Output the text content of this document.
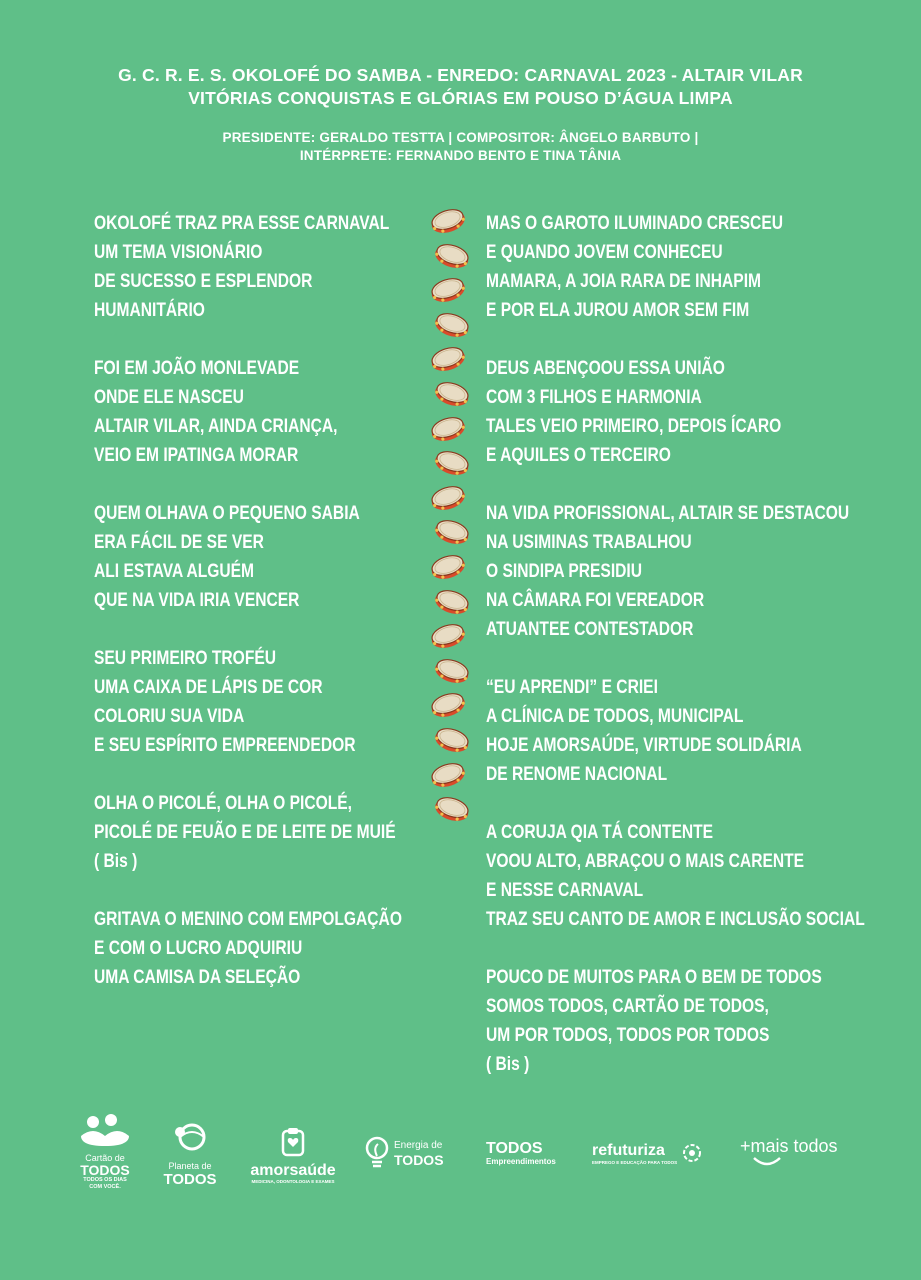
G. C. R. E. S. OKOLOFÉ DO SAMBA - ENREDO: CARNAVAL 2023 - ALTAIR VILAR
VITÓRIAS CONQUISTAS E GLÓRIAS EM POUSO D’ÁGUA LIMPA
PRESIDENTE: GERALDO TESTTA | COMPOSITOR: ÂNGELO BARBUTO |
INTÉRPRETE: FERNANDO BENTO E TINA TÂNIA
OKOLOFÉ TRAZ PRA ESSE CARNAVAL
UM TEMA VISIONÁRIO
DE SUCESSO E ESPLENDOR
HUMANITÁRIO
FOI EM JOÃO MONLEVADE
ONDE ELE NASCEU
ALTAIR VILAR, AINDA CRIANÇA,
VEIO EM IPATINGA MORAR
QUEM OLHAVA O PEQUENO SABIA
ERA FÁCIL DE SE VER
ALI ESTAVA ALGUÉM
QUE NA VIDA IRIA VENCER
SEU PRIMEIRO TROFÉU
UMA CAIXA DE LÁPIS DE COR
COLORIU SUA VIDA
E SEU ESPÍRITO EMPREENDEDOR
OLHA O PICOLÉ, OLHA O PICOLÉ,
PICOLÉ DE FEUÃO E DE LEITE DE MUIÉ
( Bis )
GRITAVA O MENINO COM EMPOLGAÇÃO
E COM O LUCRO ADQUIRIU
UMA CAMISA DA SELEÇÃO
MAS O GAROTO ILUMINADO CRESCEU
E QUANDO JOVEM CONHECEU
MAMARA, A JOIA RARA DE INHAPIM
E POR ELA JUROU AMOR SEM FIM
DEUS ABENÇOOU ESSA UNIÃO
COM 3 FILHOS E HARMONIA
TALES VEIO PRIMEIRO, DEPOIS ÍCARO
E AQUILES O TERCEIRO
NA VIDA PROFISSIONAL, ALTAIR SE DESTACOU
NA USIMINAS TRABALHOU
O SINDIPA PRESIDIU
NA CÂMARA FOI VEREADOR
ATUANTEE CONTESTADOR
“EU APRENDI” E CRIEI
A CLÍNICA DE TODOS, MUNICIPAL
HOJE AMORSAÚDE, VIRTUDE SOLIDÁRIA
DE RENOME NACIONAL
A CORUJA QIA TÁ CONTENTE
VOOU ALTO, ABRAÇOU O MAIS CARENTE
E NESSE CARNAVAL
TRAZ SEU CANTO DE AMOR E INCLUSÃO SOCIAL
POUCO DE MUITOS PARA O BEM DE TODOS
SOMOS TODOS, CARTÃO DE TODOS,
UM POR TODOS, TODOS POR TODOS
( Bis )
Cartão de
TODOS
TODOS OS DIAS
COM VOCÊ.
Planeta de
TODOS
amorsaúde
MEDICINA, ODONTOLOGIA E EXAMES
Energia de
TODOS
TODOS
Empreendimentos
refuturiza
EMPREGO E EDUCAÇÃO PARA TODOS
+mais todos
